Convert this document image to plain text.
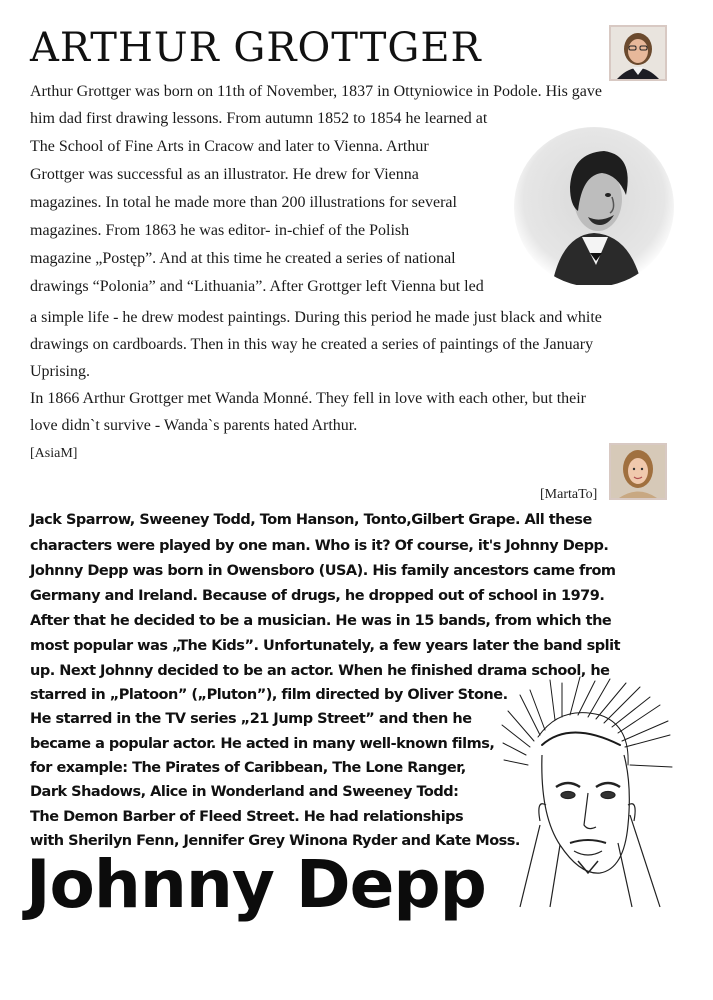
ARTHUR GROTTGER
Arthur Grottger was born on 11th of November, 1837 in Ottyniowice in Podole. His gave
him dad first drawing lessons. From autumn 1852 to 1854 he learned at
The School of Fine Arts in Cracow and later to Vienna. Arthur
Grottger was successful as an illustrator. He drew for Vienna
magazines. In total he made more than 200 illustrations for several
magazines. From 1863 he was editor- in-chief of the Polish
magazine „Postęp”. And at this time he created a series of national
drawings “Polonia” and “Lithuania”. After Grottger left Vienna but led
a simple life - he drew modest paintings. During this period he made just black and white
drawings on cardboards. Then in this way he created a series of paintings of the January
Uprising.
In 1866 Arthur Grottger met Wanda Monné. They fell in love with each other, but their
love didn`t survive - Wanda`s parents hated Arthur.
[AsiaM]
[MartaTo]
Jack Sparrow, Sweeney Todd, Tom Hanson, Tonto,Gilbert Grape. All these
characters were played by one man. Who is it? Of course, it's Johnny Depp.
Johnny Depp was born in Owensboro (USA). His family ancestors came from
Germany and Ireland. Because of drugs, he dropped out of school in 1979.
After that he decided to be a musician. He was in 15 bands, from which the
most popular was „The Kids”. Unfortunately, a few years later the band split
up. Next Johnny decided to be an actor. When he finished drama school, he
starred in „Platoon” („Pluton”), film directed by Oliver Stone.
He starred in the TV series „21 Jump Street” and then he
became a popular actor. He acted in many well-known films,
for example: The Pirates of Caribbean, The Lone Ranger,
Dark Shadows, Alice in Wonderland and Sweeney Todd:
The Demon Barber of Fleed Street. He had relationships
with Sherilyn Fenn, Jennifer Grey Winona Ryder and Kate Moss.
Johnny Depp
